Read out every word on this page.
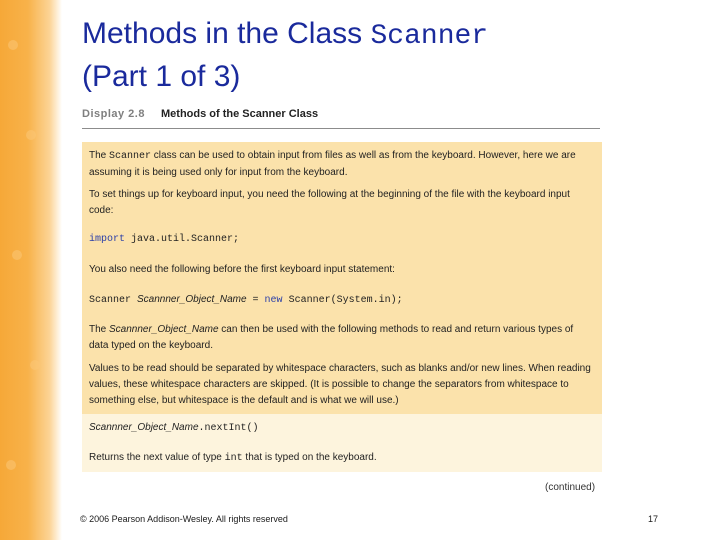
Methods in the Class Scanner
(Part 1 of 3)
Display 2.8 Methods of the Scanner Class
The Scanner class can be used to obtain input from files as well as from the keyboard. However, here we are assuming it is being used only for input from the keyboard.
To set things up for keyboard input, you need the following at the beginning of the file with the keyboard input code:
import java.util.Scanner;
You also need the following before the first keyboard input statement:
Scanner Scannner_Object_Name = new Scanner(System.in);
The Scannner_Object_Name can then be used with the following methods to read and return various types of data typed on the keyboard.
Values to be read should be separated by whitespace characters, such as blanks and/or new lines. When reading values, these whitespace characters are skipped. (It is possible to change the separators from whitespace to something else, but whitespace is the default and is what we will use.)
Scannner_Object_Name.nextInt()
Returns the next value of type int that is typed on the keyboard.
(continued)
© 2006 Pearson Addison-Wesley. All rights reserved	17
